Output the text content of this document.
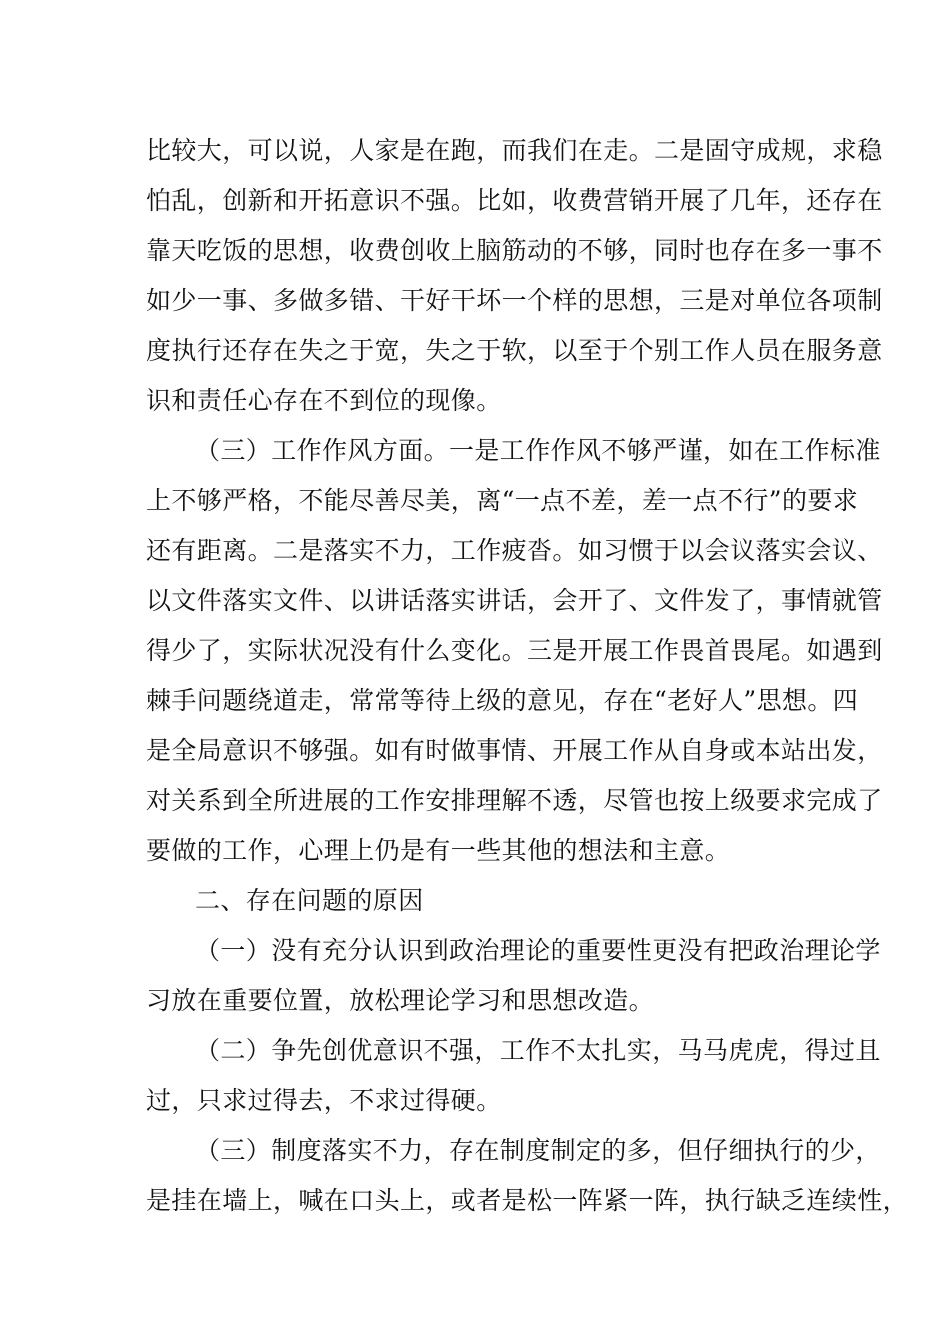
比较大，可以说，人家是在跑，而我们在走。二是固守成规，求稳
怕乱，创新和开拓意识不强。比如，收费营销开展了几年，还存在
靠天吃饭的思想，收费创收上脑筋动的不够，同时也存在多一事不
如少一事、多做多错、干好干坏一个样的思想，三是对单位各项制
度执行还存在失之于宽，失之于软，以至于个别工作人员在服务意
识和责任心存在不到位的现像。
（三）工作作风方面。一是工作作风不够严谨，如在工作标准
上不够严格，不能尽善尽美，离“一点不差，差一点不行”的要求
还有距离。二是落实不力，工作疲沓。如习惯于以会议落实会议、
以文件落实文件、以讲话落实讲话，会开了、文件发了，事情就管
得少了，实际状况没有什么变化。三是开展工作畏首畏尾。如遇到
棘手问题绕道走，常常等待上级的意见，存在“老好人”思想。四
是全局意识不够强。如有时做事情、开展工作从自身或本站出发，
对关系到全所进展的工作安排理解不透，尽管也按上级要求完成了
要做的工作，心理上仍是有一些其他的想法和主意。
二、存在问题的原因
（一）没有充分认识到政治理论的重要性更没有把政治理论学
习放在重要位置，放松理论学习和思想改造。
（二）争先创优意识不强，工作不太扎实，马马虎虎，得过且
过，只求过得去，不求过得硬。
（三）制度落实不力，存在制度制定的多，但仔细执行的少，
是挂在墙上，喊在口头上，或者是松一阵紧一阵，执行缺乏连续性，
